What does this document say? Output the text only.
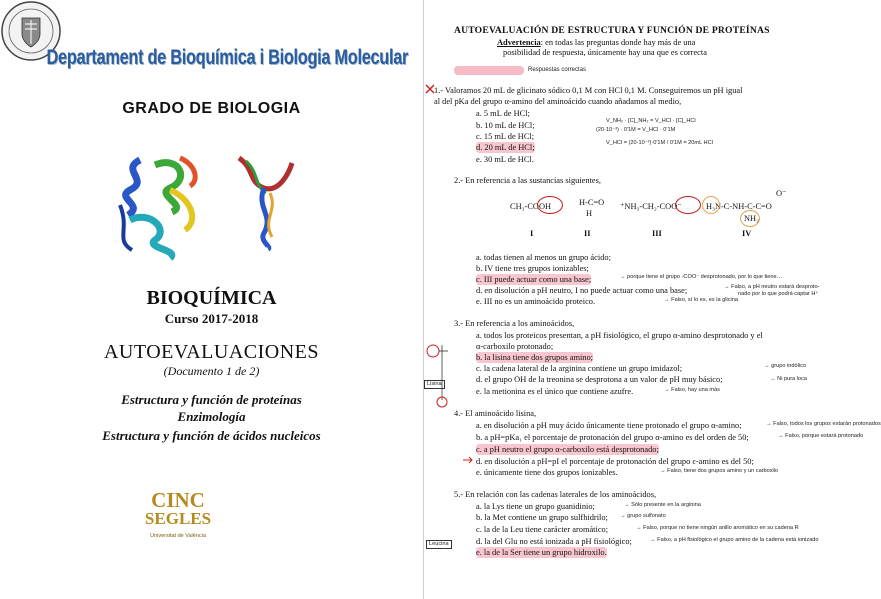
Departament de Bioquímica i Biologia Molecular
GRADO DE BIOLOGIA
BIOQUÍMICA
Curso 2017-2018
AUTOEVALUACIONES
(Documento 1 de 2)
Estructura y función de proteínas
Enzimología
Estructura y función de ácidos nucleicos
CINC
SEGLES
Universitat de València
AUTOEVALUACIÓN DE ESTRUCTURA Y FUNCIÓN DE PROTEÍNAS
Advertencia: en todas las preguntas donde hay más de una
posibilidad de respuesta, únicamente hay una que es correcta
Respuestas correctas
1.- Valoramos 20 mL de glicinato sódico 0,1 M con HCl 0,1 M. Conseguiremos un pH igual
al del pKa del grupo α-amino del aminoácido cuando añadamos al medio,
a. 5 mL de HCl;
b. 10 mL de HCl;
c. 15 mL de HCl;
d. 20 mL de HCl;
e. 30 mL de HCl.
V_NH₂ · [C]_NH₂ = V_HCl · [C]_HCl
(20·10⁻³) · 0'1M = V_HCl · 0'1M
V_HCl = (20·10⁻³)·0'1M / 0'1M = 20mL HCl
2.- En referencia a las sustancias siguientes,
CH₃-COOH	H-C=O
H
⁺NH₃-CH₂-COO⁻	H₃N-C-NH-C-C=O
O⁻
NH₂
I	II	III	IV
a. todas tienen al menos un grupo ácido;
b. IV tiene tres grupos ionizables;
c. III puede actuar como una base;
d. en disolución a pH neutro, I no puede actuar como una base;
e. III no es un aminoácido proteico.
→ porque tiene el grupo -COO⁻ desprotonado, por lo que tiene…
→ Falso, a pH neutro estará desproto-
nado por lo que podrá captar H⁺
→ Falso, sí lo es, es la glicina
3.- En referencia a los aminoácidos,
a. todos los proteicos presentan, a pH fisiológico, el grupo α-amino desprotonado y el
α-carboxilo protonado;
b. la lisina tiene dos grupos amino;
c. la cadena lateral de la arginina contiene un grupo imidazol;
d. el grupo OH de la treonina se desprotona a un valor de pH muy básico;
e. la metionina es el único que contiene azufre.
→ grupo indólico
→ Falso, hay una más
→ Ni pura loca
Lisina
4.- El aminoácido lisina,
a. en disolución a pH muy ácido únicamente tiene protonado el grupo α-amino;
b. a pH=pKa₁ el porcentaje de protonación del grupo α-amino es del orden de 50;
c. a pH neutro el grupo α-carboxilo está desprotonado;
d. en disolución a pH=pI el porcentaje de protonación del grupo ε-amino es del 50;
e. únicamente tiene dos grupos ionizables.
→ Falso, todos los grupos estarán protonados
→ Falso, porque estará protonado
→ Falso, tiene dos grupos amino y un carboxilo
5.- En relación con las cadenas laterales de los aminoácidos,
a. la Lys tiene un grupo guanidinio;
b. la Met contiene un grupo sulfhidrilo;
c. la de la Leu tiene carácter aromático;
d. la del Glu no está ionizada a pH fisiológico;
e. la de la Ser tiene un grupo hidroxilo.
→ Sólo presente en la arginina
→ grupo sulfonato
→ Falso, porque no tiene ningún anillo aromático en su cadena R
→ Falso, a pH fisiológico el grupo amino de la cadena está ionizado
Leucina
